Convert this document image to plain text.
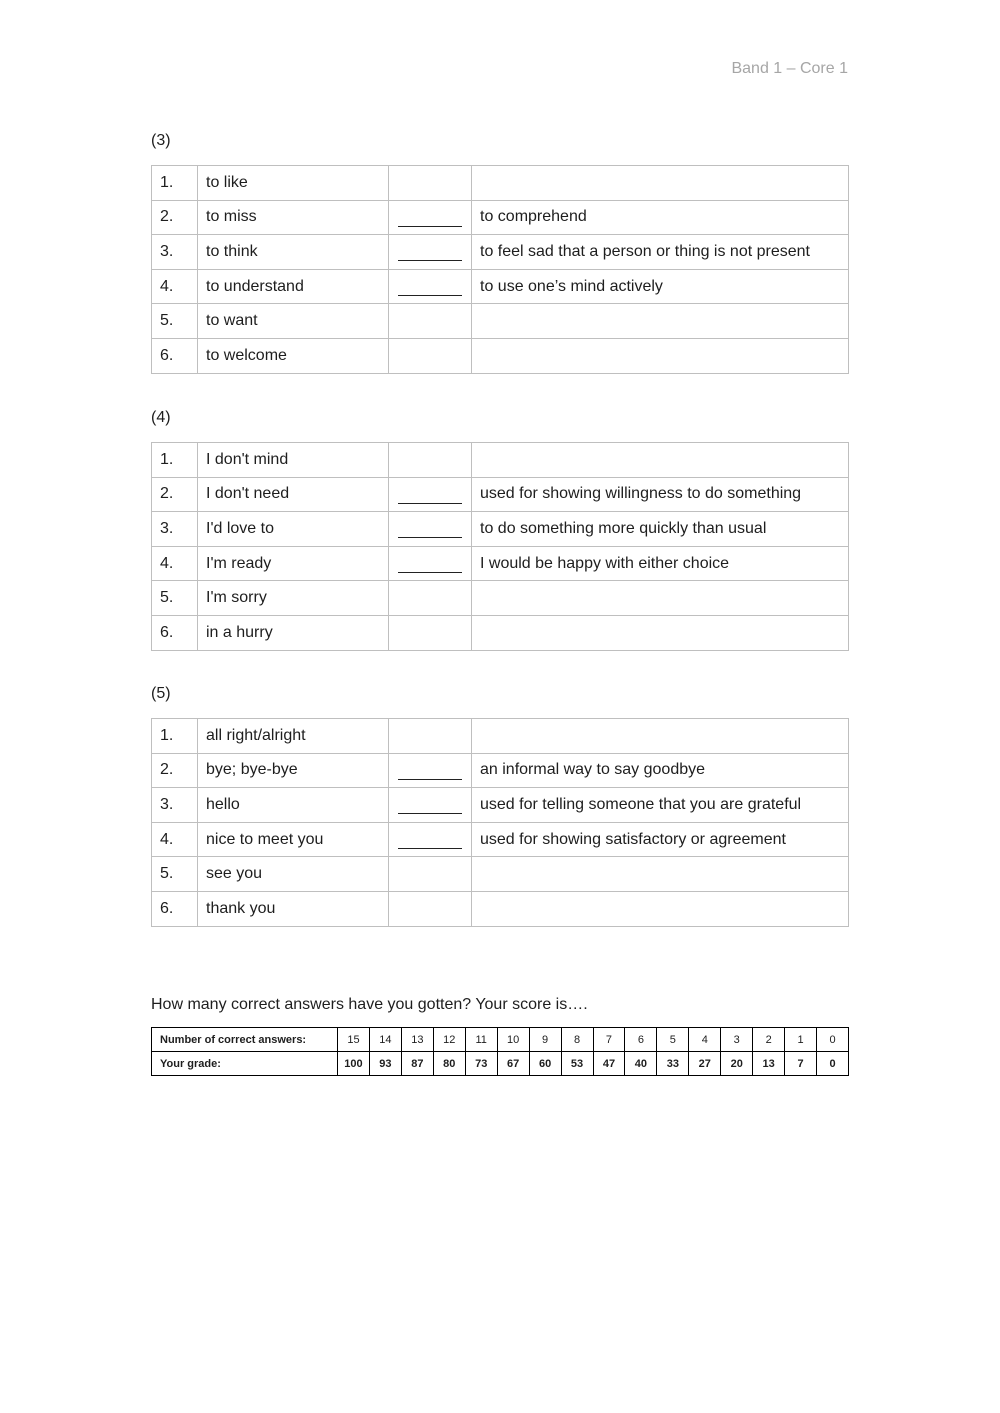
Band 1 – Core 1
(3)
1.	to like		
2.	to miss		to comprehend
3.	to think		to feel sad that a person or thing is not present
4.	to understand		to use one’s mind actively
5.	to want		
6.	to welcome		
(4)
1.	I don't mind		
2.	I don't need		used for showing willingness to do something
3.	I'd love to		to do something more quickly than usual
4.	I'm ready		I would be happy with either choice
5.	I'm sorry		
6.	in a hurry		
(5)
1.	all right/alright		
2.	bye; bye-bye		an informal way to say goodbye
3.	hello		used for telling someone that you are grateful
4.	nice to meet you		used for showing satisfactory or agreement
5.	see you		
6.	thank you		
How many correct answers have you gotten? Your score is….
Number of correct answers:	15	14	13	12	11	10	9	8	7	6	5	4	3	2	1	0
Your grade:	100	93	87	80	73	67	60	53	47	40	33	27	20	13	7	0
